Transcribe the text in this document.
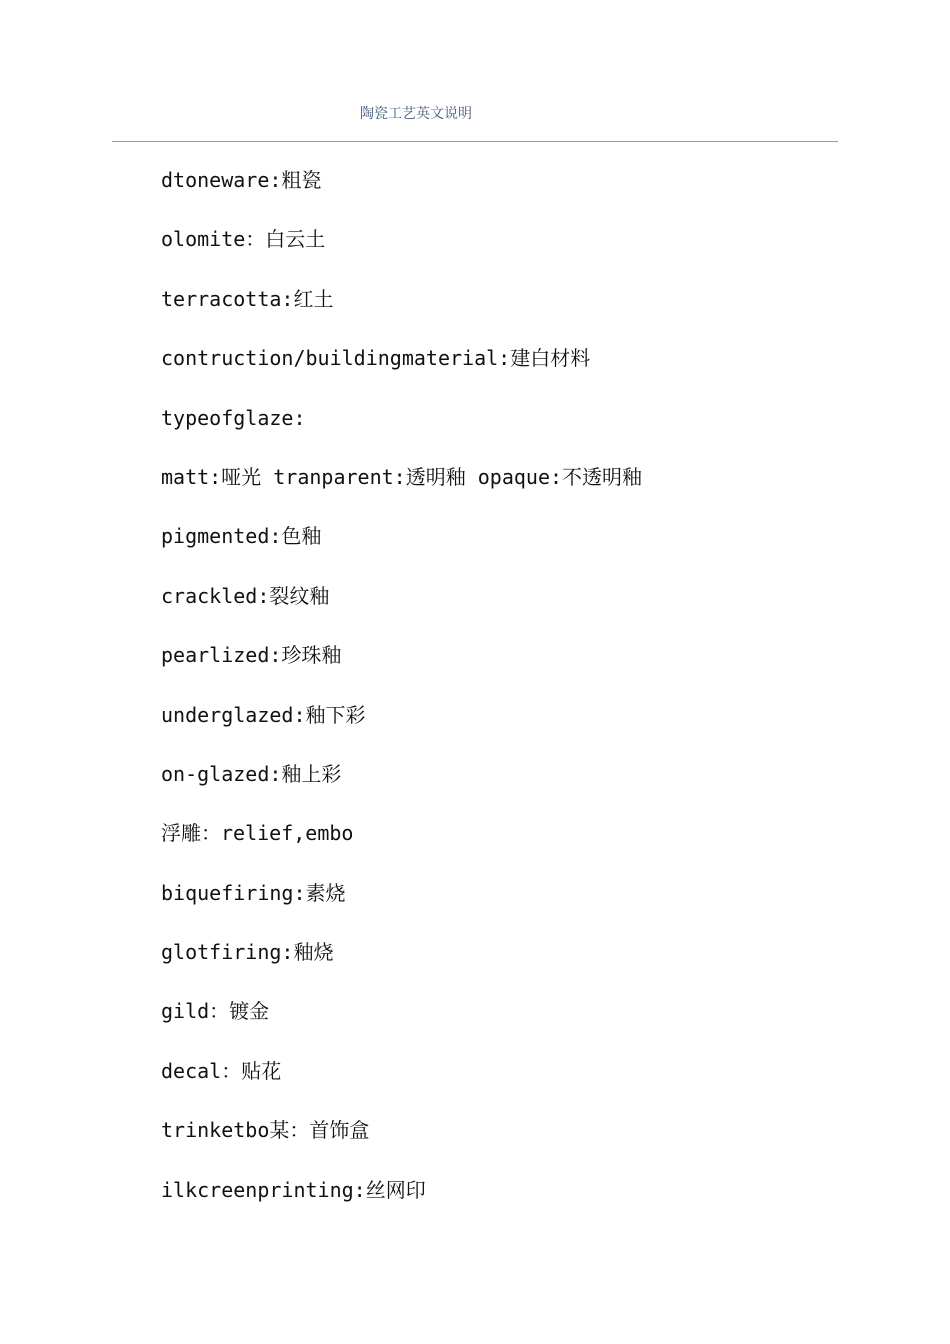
陶瓷工艺英文说明
dtoneware:粗瓷
olomite：白云土
terracotta:红土
contruction/buildingmaterial:建白材料
typeofglaze:
matt:哑光 tranparent:透明釉 opaque:不透明釉
pigmented:色釉
crackled:裂纹釉
pearlized:珍珠釉
underglazed:釉下彩
on-glazed:釉上彩
浮雕：relief,embo
biquefiring:素烧
glotfiring:釉烧
gild：镀金
decal：贴花
trinketbo某：首饰盒
ilkcreenprinting:丝网印
